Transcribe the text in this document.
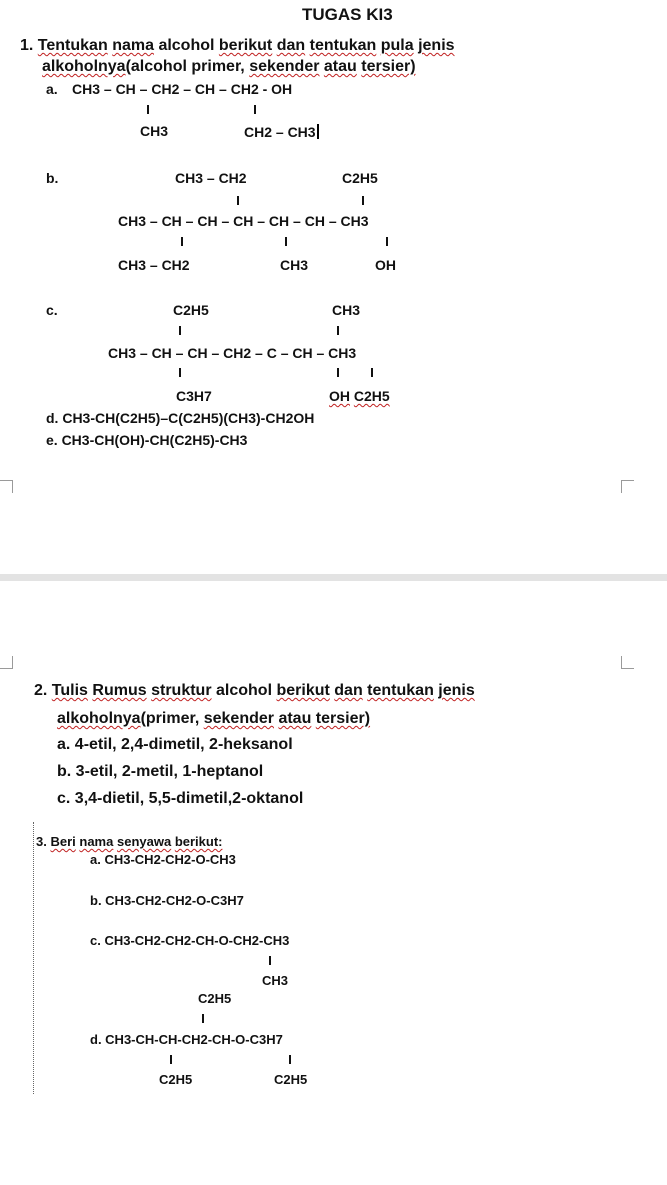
TUGAS KI3
1. Tentukan nama alcohol berikut dan tentukan pula jenis
alkoholnya(alcohol primer, sekender atau tersier)
a. CH3 – CH – CH2 – CH – CH2 - OH
CH3	CH2 – CH3
b.	CH3 – CH2	C2H5
CH3 – CH – CH – CH – CH – CH – CH3
CH3 – CH2	CH3	OH
c.	C2H5	CH3
CH3 – CH – CH – CH2 – C – CH – CH3
C3H7	OH C2H5
d. CH3-CH(C2H5)–C(C2H5)(CH3)-CH2OH
e. CH3-CH(OH)-CH(C2H5)-CH3
2. Tulis Rumus struktur alcohol berikut dan tentukan jenis
alkoholnya(primer, sekender atau tersier)
a. 4-etil, 2,4-dimetil, 2-heksanol
b. 3-etil, 2-metil, 1-heptanol
c. 3,4-dietil, 5,5-dimetil,2-oktanol
3. Beri nama senyawa berikut:
a. CH3-CH2-CH2-O-CH3
b. CH3-CH2-CH2-O-C3H7
c. CH3-CH2-CH2-CH-O-CH2-CH3
CH3
C2H5
d. CH3-CH-CH-CH2-CH-O-C3H7
C2H5	C2H5
